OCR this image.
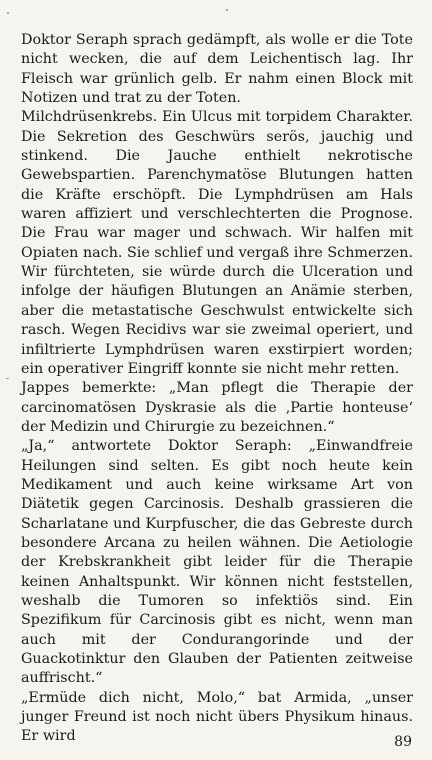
Doktor Seraph sprach gedämpft, als wolle er die Tote nicht wecken, die auf dem Leichentisch lag. Ihr Fleisch war grünlich gelb. Er nahm einen Block mit Notizen und trat zu der Toten.

Milchdrüsenkrebs. Ein Ulcus mit torpidem Charakter. Die Sekretion des Geschwürs serös, jauchig und stinkend. Die Jauche enthielt nekrotische Gewebspartien. Parenchymatöse Blutungen hatten die Kräfte erschöpft. Die Lymphdrüsen am Hals waren affiziert und verschlechterten die Prognose. Die Frau war mager und schwach. Wir halfen mit Opiaten nach. Sie schlief und vergaß ihre Schmerzen. Wir fürchteten, sie würde durch die Ulceration und infolge der häufigen Blutungen an Anämie sterben, aber die metastatische Geschwulst entwickelte sich rasch. Wegen Recidivs war sie zweimal operiert, und infiltrierte Lymphdrüsen waren exstirpiert worden; ein operativer Eingriff konnte sie nicht mehr retten.

Jappes bemerkte: „Man pflegt die Therapie der carcinomatösen Dyskrasie als die ‚Partie honteuse‘ der Medizin und Chirurgie zu bezeichnen.“

„Ja,“ antwortete Doktor Seraph: „Einwandfreie Heilungen sind selten. Es gibt noch heute kein Medikament und auch keine wirksame Art von Diätetik gegen Carcinosis. Deshalb grassieren die Scharlatane und Kurpfuscher, die das Gebreste durch besondere Arcana zu heilen wähnen. Die Aetiologie der Krebskrankheit gibt leider für die Therapie keinen Anhaltspunkt. Wir können nicht feststellen, weshalb die Tumoren so infektiös sind. Ein Spezifikum für Carcinosis gibt es nicht, wenn man auch mit der Condurangorinde und der Guackotinktur den Glauben der Patienten zeitweise auffrischt.“

„Ermüde dich nicht, Molo,“ bat Armida, „unser junger Freund ist noch nicht übers Physikum hinaus. Er wird	89
